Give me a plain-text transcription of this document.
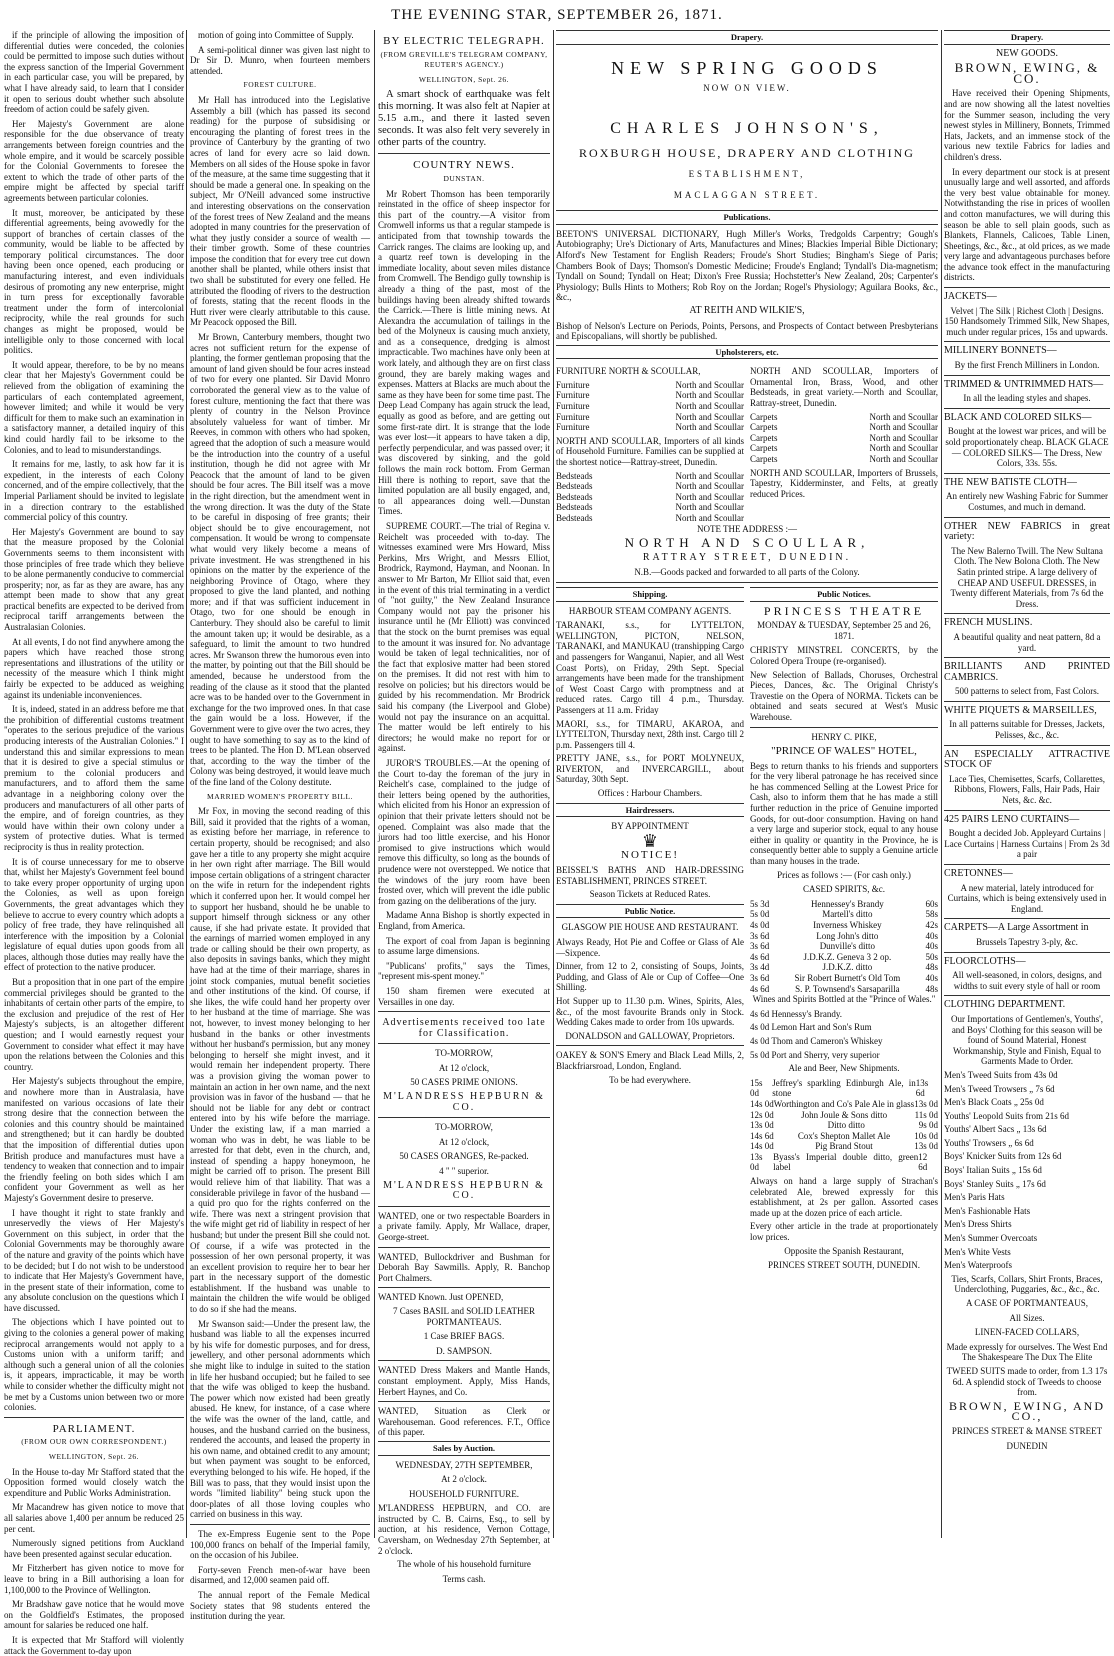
THE EVENING STAR, SEPTEMBER 26, 1871.

if the principle of allowing the imposition of differential duties were conceded, the colonies could be permitted to impose such duties without the express sanction of the Imperial Government in each particular case, you will be prepared, by what I have already said, to learn that I consider it open to serious doubt whether such absolute freedom of action could be safely given.

Her Majesty's Government are alone responsible for the due observance of treaty arrangements between foreign countries and the whole empire, and it would be scarcely possible for the Colonial Governments to foresee the extent to which the trade of other parts of the empire might be affected by special tariff agreements between particular colonies.

It must, moreover, be anticipated by these differential agreements, being avowedly for the support of branches of certain classes of the community, would be liable to be affected by temporary political circumstances. The door having been once opened, each producing or manufacturing interest, and even individuals desirous of promoting any new enterprise, might in turn press for exceptionally favorable treatment under the form of intercolonial reciprocity, while the real grounds for such changes as might be proposed, would be intelligible only to those concerned with local politics.

It would appear, therefore, to be by no means clear that her Majesty's Government could be relieved from the obligation of examining the particulars of each contemplated agreement, however limited; and while it would be very difficult for them to make such an examination in a satisfactory manner, a detailed inquiry of this kind could hardly fail to be irksome to the Colonies, and to lead to misunderstandings.

It remains for me, lastly, to ask how far it is expedient, in the interests of each Colony concerned, and of the empire collectively, that the Imperial Parliament should be invited to legislate in a direction contrary to the established commercial policy of this country.

Her Majesty's Government are bound to say that the measure proposed by the Colonial Governments seems to them inconsistent with those principles of free trade which they believe to be alone permanently conducive to commercial prosperity; nor, as far as they are aware, has any attempt been made to show that any great practical benefits are expected to be derived from reciprocal tariff arrangements between the Australasian Colonies.

At all events, I do not find anywhere among the papers which have reached those strong representations and illustrations of the utility or necessity of the measure which I think might fairly be expected to be adduced as weighing against its undeniable inconveniences.

It is, indeed, stated in an address before me that the prohibition of differential customs treatment "operates to the serious prejudice of the various producing interests of the Australian Colonies." I understand this and similar expressions to mean that it is desired to give a special stimulus or premium to the colonial producers and manufacturers, and to afford them the same advantage in a neighboring colony over the producers and manufacturers of all other parts of the empire, and of foreign countries, as they would have within their own colony under a system of protective duties. What is termed reciprocity is thus in reality protection.

It is of course unnecessary for me to observe that, whilst her Majesty's Government feel bound to take every proper opportunity of urging upon the Colonies, as well as upon foreign Governments, the great advantages which they believe to accrue to every country which adopts a policy of free trade, they have relinquished all interference with the imposition by a Colonial legislature of equal duties upon goods from all places, although those duties may really have the effect of protection to the native producer.

But a proposition that in one part of the empire commercial privileges should be granted to the inhabitants of certain other parts of the empire, to the exclusion and prejudice of the rest of Her Majesty's subjects, is an altogether different question; and I would earnestly request your Government to consider what effect it may have upon the relations between the Colonies and this country.

Her Majesty's subjects throughout the empire, and nowhere more than in Australasia, have manifested on various occasions of late their strong desire that the connection between the colonies and this country should be maintained and strengthened; but it can hardly be doubted that the imposition of differential duties upon British produce and manufactures must have a tendency to weaken that connection and to impair the friendly feeling on both sides which I am confident your Government as well as her Majesty's Government desire to preserve.

I have thought it right to state frankly and unreservedly the views of Her Majesty's Government on this subject, in order that the Colonial Governments may be thoroughly aware of the nature and gravity of the points which have to be decided; but I do not wish to be understood to indicate that Her Majesty's Government have, in the present state of their information, come to any absolute conclusion on the questions which I have discussed.

The objections which I have pointed out to giving to the colonies a general power of making reciprocal arrangements would not apply to a Customs union with a uniform tariff; and although such a general union of all the colonies is, it appears, impracticable, it may be worth while to consider whether the difficulty might not be met by a Customs union between two or more colonies.

PARLIAMENT.
(FROM OUR OWN CORRESPONDENT.)
WELLINGTON, Sept. 26.

In the House to-day Mr Stafford stated that the Opposition formed would closely watch the expenditure and Public Works Administration.

Mr Macandrew has given notice to move that all salaries above 1,400 per annum be reduced 25 per cent.

Numerously signed petitions from Auckland have been presented against secular education.

Mr Fitzherbert has given notice to move for leave to bring in a Bill authorising a loan for 1,100,000 to the Province of Wellington.

Mr Bradshaw gave notice that he would move on the Goldfield's Estimates, the proposed amount for salaries be reduced one half.

It is expected that Mr Stafford will violently attack the Government to-day upon

motion of going into Committee of Supply.

A semi-political dinner was given last night to Dr Sir D. Munro, when fourteen members attended.

FOREST CULTURE.

Mr Hall has introduced into the Legislative Assembly a bill (which has passed its second reading) for the purpose of subsidising or encouraging the planting of forest trees in the province of Canterbury by the granting of two acres of land for every acre so laid down. Members on all sides of the House spoke in favor of the measure, at the same time suggesting that it should be made a general one. In speaking on the subject, Mr O'Neill advanced some instructive and interesting observations on the conservation of the forest trees of New Zealand and the means adopted in many countries for the preservation of what they justly consider a source of wealth — their timber growth. Some of these countries impose the condition that for every tree cut down another shall be planted, while others insist that two shall be substituted for every one felled. He attributed the flooding of rivers to the destruction of forests, stating that the recent floods in the Hutt river were clearly attributable to this cause. Mr Peacock opposed the Bill.

Mr Brown, Canterbury members, thought two acres not sufficient return for the expense of planting, the former gentleman proposing that the amount of land given should be four acres instead of two for every one planted. Sir David Monro corroborated the general view as to the value of forest culture, mentioning the fact that there was plenty of country in the Nelson Province absolutely valueless for want of timber. Mr Reeves, in common with others who had spoken, agreed that the adoption of such a measure would be the introduction into the country of a useful institution, though he did not agree with Mr Peacock that the amount of land to be given should be four acres. The Bill itself was a move in the right direction, but the amendment went in the wrong direction. It was the duty of the State to be careful in disposing of free grants; their object should be to give encouragement, not compensation. It would be wrong to compensate what would very likely become a means of private investment. He was strengthened in his opinions on the matter by the experience of the neighboring Province of Otago, where they proposed to give the land planted, and nothing more; and if that was sufficient inducement in Otago, two for one should be enough in Canterbury. They should also be careful to limit the amount taken up; it would be desirable, as a safeguard, to limit the amount to two hundred acres. Mr Swanson threw the humorous even into the matter, by pointing out that the Bill should be amended, because he understood from the reading of the clause as it stood that the planted acre was to be handed over to the Government in exchange for the two improved ones. In that case the gain would be a loss. However, if the Government were to give over the two acres, they ought to have something to say as to the kind of trees to be planted. The Hon D. M'Lean observed that, according to the way the timber of the Colony was being destroyed, it would leave much of the fine land of the Colony destitute.

MARRIED WOMEN'S PROPERTY BILL.

Mr Fox, in moving the second reading of this Bill, said it provided that the rights of a woman, as existing before her marriage, in reference to certain property, should be recognised; and also gave her a title to any property she might acquire in her own right after marriage. The Bill would impose certain obligations of a stringent character on the wife in return for the independent rights which it conferred upon her. It would compel her to support her husband, should he be unable to support himself through sickness or any other cause, if she had private estate. It provided that the earnings of married women employed in any trade or calling should be their own property, as also deposits in savings banks, which they might have had at the time of their marriage, shares in joint stock companies, mutual benefit societies and other institutions of the kind. Of course, if she likes, the wife could hand her property over to her husband at the time of marriage. She was not, however, to invest money belonging to her husband in the banks or other investments without her husband's permission, but any money belonging to herself she might invest, and it would remain her independent property. There was a provision giving the woman power to maintain an action in her own name, and the next provision was in favor of the husband — that he should not be liable for any debt or contract entered into by his wife before the marriage. Under the existing law, if a man married a woman who was in debt, he was liable to be arrested for that debt, even in the church, and, instead of spending a happy honeymoon, he might be carried off to prison. The present Bill would relieve him of that liability. That was a considerable privilege in favor of the husband — a quid pro quo for the rights conferred on the wife. There was next a stringent provision that the wife might get rid of liability in respect of her husband; but under the present Bill she could not. Of course, if a wife was protected in the possession of her own personal property, it was an excellent provision to require her to bear her part in the necessary support of the domestic establishment. If the husband was unable to maintain the children the wife would be obliged to do so if she had the means.

Mr Swanson said:—Under the present law, the husband was liable to all the expenses incurred by his wife for domestic purposes, and for dress, jewellery, and other personal adornments which she might like to indulge in suited to the station in life her husband occupied; but he failed to see that the wife was obliged to keep the husband. The power which now existed had been greatly abused. He knew, for instance, of a case where the wife was the owner of the land, cattle, and houses, and the husband carried on the business, rendered the accounts, and leased the property in his own name, and obtained credit to any amount; but when payment was sought to be enforced, everything belonged to his wife. He hoped, if the Bill was to pass, that they would insist upon the words "limited liability" being stuck upon the door-plates of all those loving couples who carried on business in this way.

The ex-Empress Eugenie sent to the Pope 100,000 francs on behalf of the Imperial family, on the occasion of his Jubilee.

Forty-seven French men-of-war have been disarmed, and 12,000 seamen paid off.

The annual report of the Female Medical Society states that 98 students entered the institution during the year.

BY ELECTRIC TELEGRAPH.
(FROM GREVILLE'S TELEGRAM COMPANY, REUTER'S AGENCY.)
WELLINGTON, Sept. 26.

A smart shock of earthquake was felt this morning. It was also felt at Napier at 5.15 a.m., and there it lasted seven seconds. It was also felt very severely in other parts of the country.

COUNTRY NEWS.
DUNSTAN.

Mr Robert Thomson has been temporarily reinstated in the office of sheep inspector for this part of the country.—A visitor from Cromwell informs us that a regular stampede is anticipated from that township towards the Carrick ranges. The claims are looking up, and a quartz reef town is developing in the immediate locality, about seven miles distance from Cromwell. The Bendigo gully township is already a thing of the past, most of the buildings having been already shifted towards the Carrick.—There is little mining news. At Alexandra the accumulation of tailings in the bed of the Molyneux is causing much anxiety, and as a consequence, dredging is almost impracticable. Two machines have only been at work lately, and although they are on first class ground, they are barely making wages and expenses. Matters at Blacks are much about the same as they have been for some time past. The Deep Lead Company has again struck the lead, equally as good as before, and are getting out some first-rate dirt. It is strange that the lode was ever lost—it appears to have taken a dip, perfectly perpendicular, and was passed over; it was discovered by sinking, and the gold follows the main rock bottom. From German Hill there is nothing to report, save that the limited population are all busily engaged, and, to all appearances doing well.—Dunstan Times.

SUPREME COURT.—The trial of Regina v. Reichelt was proceeded with to-day. The witnesses examined were Mrs Howard, Miss Perkins, Mrs Wright, and Messrs Elliot, Brodrick, Raymond, Hayman, and Noonan. In answer to Mr Barton, Mr Elliot said that, even in the event of this trial terminating in a verdict of "not guilty," the New Zealand Insurance Company would not pay the prisoner his insurance until he (Mr Elliott) was convinced that the stock on the burnt premises was equal to the amount it was insured for. No advantage would be taken of legal technicalities, nor of the fact that explosive matter had been stored on the premises. It did not rest with him to resolve on policies; but his directors would be guided by his recommendation. Mr Brodrick said his company (the Liverpool and Globe) would not pay the insurance on an acquittal. The matter would be left entirely to his directors; he would make no report for or against.

JUROR'S TROUBLES.—At the opening of the Court to-day the foreman of the jury in Reichelt's case, complained to the judge of their letters being opened by the authorities, which elicited from his Honor an expression of opinion that their private letters should not be opened. Complaint was also made that the jurors had too little exercise, and his Honor promised to give instructions which would remove this difficulty, so long as the bounds of prudence were not overstepped. We notice that the windows of the jury room have been frosted over, which will prevent the idle public from gazing on the deliberations of the jury.

Madame Anna Bishop is shortly expected in England, from America.

The export of coal from Japan is beginning to assume large dimensions.

"Publicans' profits," says the Times, "represent mis-spent money."

150 sham firemen were executed at Versailles in one day.

Advertisements received too late for Classification.

TO-MORROW,

At 12 o'clock,

50 CASES PRIME ONIONS.

M'LANDRESS HEPBURN & CO.

TO-MORROW,

At 12 o'clock,

50 CASES ORANGES, Re-packed.

4 " " superior.

M'LANDRESS HEPBURN & CO.

WANTED, one or two respectable Boarders in a private family. Apply, Mr Wallace, draper, George-street.

WANTED, Bullockdriver and Bushman for Deborah Bay Sawmills. Apply, R. Banchop Port Chalmers.

WANTED Known. Just OPENED,

7 Cases BASIL and SOLID LEATHER PORTMANTEAUS.

1 Case BRIEF BAGS.

D. SAMPSON.

WANTED Dress Makers and Mantle Hands, constant employment. Apply, Miss Hands, Herbert Haynes, and Co.

WANTED, Situation as Clerk or Warehouseman. Good references. F.T., Office of this paper.

Sales by Auction.

WEDNESDAY, 27TH SEPTEMBER,

At 2 o'clock.

HOUSEHOLD FURNITURE.

M'LANDRESS HEPBURN, and CO. are instructed by C. B. Cairns, Esq., to sell by auction, at his residence, Vernon Cottage, Caversham, on Wednesday 27th September, at 2 o'clock.

The whole of his household furniture

Terms cash.

Drapery.

NEW SPRING GOODS

NOW ON VIEW.

CHARLES JOHNSON'S,

ROXBURGH HOUSE, DRAPERY AND CLOTHING

ESTABLISHMENT,

MACLAGGAN STREET.

Publications.

BEETON'S UNIVERSAL DICTIONARY, Hugh Miller's Works, Tredgolds Carpentry; Gough's Autobiography; Ure's Dictionary of Arts, Manufactures and Mines; Blackies Imperial Bible Dictionary; Alford's New Testament for English Readers; Froude's Short Studies; Bingham's Siege of Paris; Chambers Book of Days; Thomson's Domestic Medicine; Froude's England; Tyndall's Dia-magnetism; Tyndall on Sound; Tyndall on Heat; Dixon's Free Russia; Hochstetter's New Zealand, 20s; Carpenter's Physiology; Bulls Hints to Mothers; Rob Roy on the Jordan; Rogel's Physiology; Aguilara Books, &c., &c.,

AT REITH AND WILKIE'S,

Bishop of Nelson's Lecture on Periods, Points, Persons, and Prospects of Contact between Presbyterians and Episcopalians, will shortly be published.

Upholsterers, etc.

FURNITURE NORTH & SCOULLAR,

Furniture	North and Scoullar
Furniture	North and Scoullar
Furniture	North and Scoullar
Furniture	North and Scoullar
Furniture	North and Scoullar

NORTH AND SCOULLAR, Importers of all kinds of Household Furniture. Families can be supplied at the shortest notice—Rattray-street, Dunedin.

Bedsteads	North and Scoullar
Bedsteads	North and Scoullar
Bedsteads	North and Scoullar
Bedsteads	North and Scoullar
Bedsteads	North and Scoullar

NORTH AND SCOULLAR, Importers of Ornamental Iron, Brass, Wood, and other Bedsteads, in great variety.—North and Scoullar, Rattray-street, Dunedin.

Carpets	North and Scoullar
Carpets	North and Scoullar
Carpets	North and Scoullar
Carpets	North and Scoullar
Carpets	North and Scoullar

NORTH AND SCOULLAR, Importers of Brussels, Tapestry, Kidderminster, and Felts, at greatly reduced Prices.

NOTE THE ADDRESS :—

NORTH AND SCOULLAR,

RATTRAY STREET, DUNEDIN.

N.B.—Goods packed and forwarded to all parts of the Colony.

Shipping.

HARBOUR STEAM COMPANY AGENTS.

TARANAKI, s.s., for LYTTELTON, WELLINGTON, PICTON, NELSON, TARANAKI, and MANUKAU (transhipping Cargo and passengers for Wanganui, Napier, and all West Coast Ports), on Friday, 29th Sept. Special arrangements have been made for the transhipment of West Coast Cargo with promptness and at reduced rates. Cargo till 4 p.m., Thursday. Passengers at 11 a.m. Friday

MAORI, s.s., for TIMARU, AKAROA, and LYTTELTON, Thursday next, 28th inst. Cargo till 2 p.m. Passengers till 4.

PRETTY JANE, s.s., for PORT MOLYNEUX, RIVERTON, and INVERCARGILL, about Saturday, 30th Sept.

Offices : Harbour Chambers.

Hairdressers.

BY APPOINTMENT

♛

NOTICE!

BEISSEL'S BATHS AND HAIR-DRESSING ESTABLISHMENT, PRINCES STREET.

Season Tickets at Reduced Rates.

Public Notice.

GLASGOW PIE HOUSE AND RESTAURANT.

Always Ready, Hot Pie and Coffee or Glass of Ale—Sixpence.

Dinner, from 12 to 2, consisting of Soups, Joints, Pudding, and Glass of Ale or Cup of Coffee—One Shilling.

Hot Supper up to 11.30 p.m. Wines, Spirits, Ales, &c., of the most favourite Brands only in Stock. Wedding Cakes made to order from 10s upwards.

DONALDSON and GALLOWAY, Proprietors.

OAKEY & SON'S Emery and Black Lead Mills, 2, Blackfriarsroad, London, England.

To be had everywhere.

Public Notices.

PRINCESS THEATRE

MONDAY & TUESDAY, September 25 and 26, 1871.

CHRISTY MINSTREL CONCERTS, by the Colored Opera Troupe (re-organised).

New Selection of Ballads, Choruses, Orchestral Pieces, Dances, &c. The Original Christy's Travestie on the Opera of NORMA. Tickets can be obtained and seats secured at West's Music Warehouse.

HENRY C. PIKE,

"PRINCE OF WALES" HOTEL,

Begs to return thanks to his friends and supporters for the very liberal patronage he has received since he has commenced Selling at the Lowest Price for Cash, also to inform them that he has made a still further reduction in the price of Genuine imported Goods, for out-door consumption. Having on hand a very large and superior stock, equal to any house either in quality or quantity in the Province, he is consequently better able to supply a Genuine article than many houses in the trade.

Prices as follows :— (For cash only.)

CASED SPIRITS, &c.

5s 3d	Hennessey's Brandy	60s
5s 0d	Martell's ditto	58s
4s 0d	Inverness Whiskey	42s
3s 6d	Long John's ditto	40s
3s 6d	Dunville's ditto	40s
4s 6d	J.D.K.Z. Geneva 3 2 op.	50s
3s 4d	J.D.K.Z. ditto	48s
3s 6d	Sir Robert Burnett's Old Tom	40s
4s 6d	S. P. Townsend's Sarsaparilla	48s

Wines and Spirits Bottled at the "Prince of Wales."

4s 6d Hennessy's Brandy.

4s 0d Lemon Hart and Son's Rum

4s 0d Thom and Cameron's Whiskey

5s 0d Port and Sherry, very superior

Ale and Beer, New Shipments.

15s 0d
Jeffrey's sparkling Edinburgh Ale, in stone
13s 6d
14s 0d Worthington and Co's Pale Ale in glass 13s 0d
12s 0d	John Joule & Sons ditto	11s 0d
13s 0d	Ditto ditto	9s 0d
14s 6d	Cox's Shepton Mallet Ale	10s 0d
14s 0d	Pig Brand Stout	13s 0d
13s 0d
Byass's Imperial double ditto, green label
12 6d

Always on hand a large supply of Strachan's celebrated Ale, brewed expressly for this establishment, at 2s per gallon. Assorted cases made up at the dozen price of each article.

Every other article in the trade at proportionately low prices.

Opposite the Spanish Restaurant,

PRINCES STREET SOUTH, DUNEDIN.

Drapery.

NEW GOODS.

BROWN, EWING, & CO.

Have received their Opening Shipments, and are now showing all the latest novelties for the Summer season, including the very newest styles in Millinery, Bonnets, Trimmed Hats, Jackets, and an immense stock of the various new textile Fabrics for ladies and children's dress.

In every department our stock is at present unusually large and well assorted, and affords the very best value obtainable for money. Notwithstanding the rise in prices of woollen and cotton manufactures, we will during this season be able to sell plain goods, such as Blankets, Flannels, Calicoes, Table Linen, Sheetings, &c., &c., at old prices, as we made very large and advantageous purchases before the advance took effect in the manufacturing districts.

JACKETS—

Velvet | The Silk | Richest Cloth | Designs. 150 Handsomely Trimmed Silk, New Shapes, much under regular prices, 15s and upwards.

MILLINERY BONNETS—

By the first French Milliners in London.

TRIMMED & UNTRIMMED HATS—

In all the leading styles and shapes.

BLACK AND COLORED SILKS—

Bought at the lowest war prices, and will be sold proportionately cheap. BLACK GLACE— COLORED SILKS— The Dress, New Colors, 33s. 55s.

THE NEW BATISTE CLOTH—

An entirely new Washing Fabric for Summer Costumes, and much in demand.

OTHER NEW FABRICS in great variety:

The New Balerno Twill. The New Sultana Cloth. The New Bolona Cloth. The New Satin printed stripe. A large delivery of CHEAP AND USEFUL DRESSES, in Twenty different Materials, from 7s 6d the Dress.

FRENCH MUSLINS.

A beautiful quality and neat pattern, 8d a yard.

BRILLIANTS AND PRINTED CAMBRICS.

500 patterns to select from, Fast Colors.

WHITE PIQUETS & MARSEILLES,

In all patterns suitable for Dresses, Jackets, Pelisses, &c., &c.

AN ESPECIALLY ATTRACTIVE STOCK OF

Lace Ties, Chemisettes, Scarfs, Collarettes, Ribbons, Flowers, Falls, Hair Pads, Hair Nets, &c. &c.

425 PAIRS LENO CURTAINS—

Bought a decided Job. Appleyard Curtains | Lace Curtains | Harness Curtains | From 2s 3d a pair

CRETONNES—

A new material, lately introduced for Curtains, which is being extensively used in England.

CARPETS—A Large Assortment in

Brussels Tapestry 3-ply, &c.

FLOORCLOTHS—

All well-seasoned, in colors, designs, and widths to suit every style of hall or room

CLOTHING DEPARTMENT.

Our Importations of Gentlemen's, Youths', and Boys' Clothing for this season will be found of Sound Material, Honest Workmanship, Style and Finish, Equal to Garments Made to Order.

Men's Tweed Suits from 43s 0d

Men's Tweed Trowsers „ 7s 6d

Men's Black Coats „ 25s 0d

Youths' Leopold Suits from 21s 6d

Youths' Albert Sacs „ 13s 6d

Youths' Trowsers „ 6s 6d

Boys' Knicker Suits from 12s 6d

Boys' Italian Suits „ 15s 6d

Boys' Stanley Suits „ 17s 6d

Men's Paris Hats

Men's Fashionable Hats

Men's Dress Shirts

Men's Summer Overcoats

Men's White Vests

Men's Waterproofs

Ties, Scarfs, Collars, Shirt Fronts, Braces, Underclothing, Puggaries, &c., &c., &c.

A CASE OF PORTMANTEAUS,

All Sizes.

LINEN-FACED COLLARS,

Made expressly for ourselves. The West End The Shakespeare The Dux The Elite

TWEED SUITS made to order, from 1.3 17s 6d. A splendid stock of Tweeds to choose from.

BROWN, EWING, AND CO.,

PRINCES STREET & MANSE STREET

DUNEDIN
